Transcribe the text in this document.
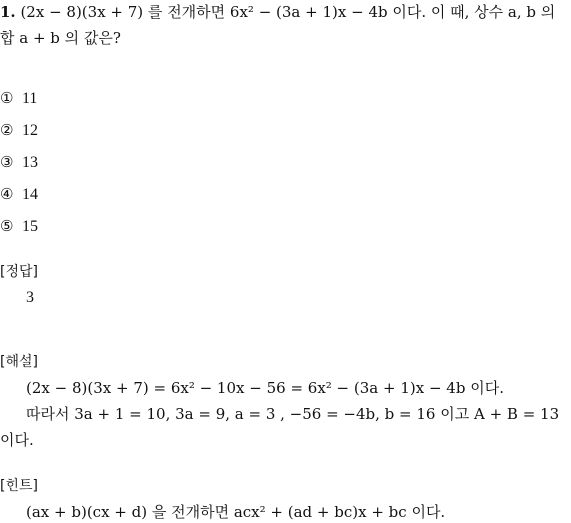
1. (2x − 8)(3x + 7) 를 전개하면 6x² − (3a + 1)x − 4b 이다. 이 때, 상수 a, b 의
합 a + b 의 값은?
① 11
② 12
③ 13
④ 14
⑤ 15
[정답]
3
[해설]
(2x − 8)(3x + 7) = 6x² − 10x − 56 = 6x² − (3a + 1)x − 4b 이다.
따라서 3a + 1 = 10, 3a = 9, a = 3 , −56 = −4b, b = 16 이고 A + B = 13
이다.
[힌트]
(ax + b)(cx + d) 을 전개하면 acx² + (ad + bc)x + bc 이다.
